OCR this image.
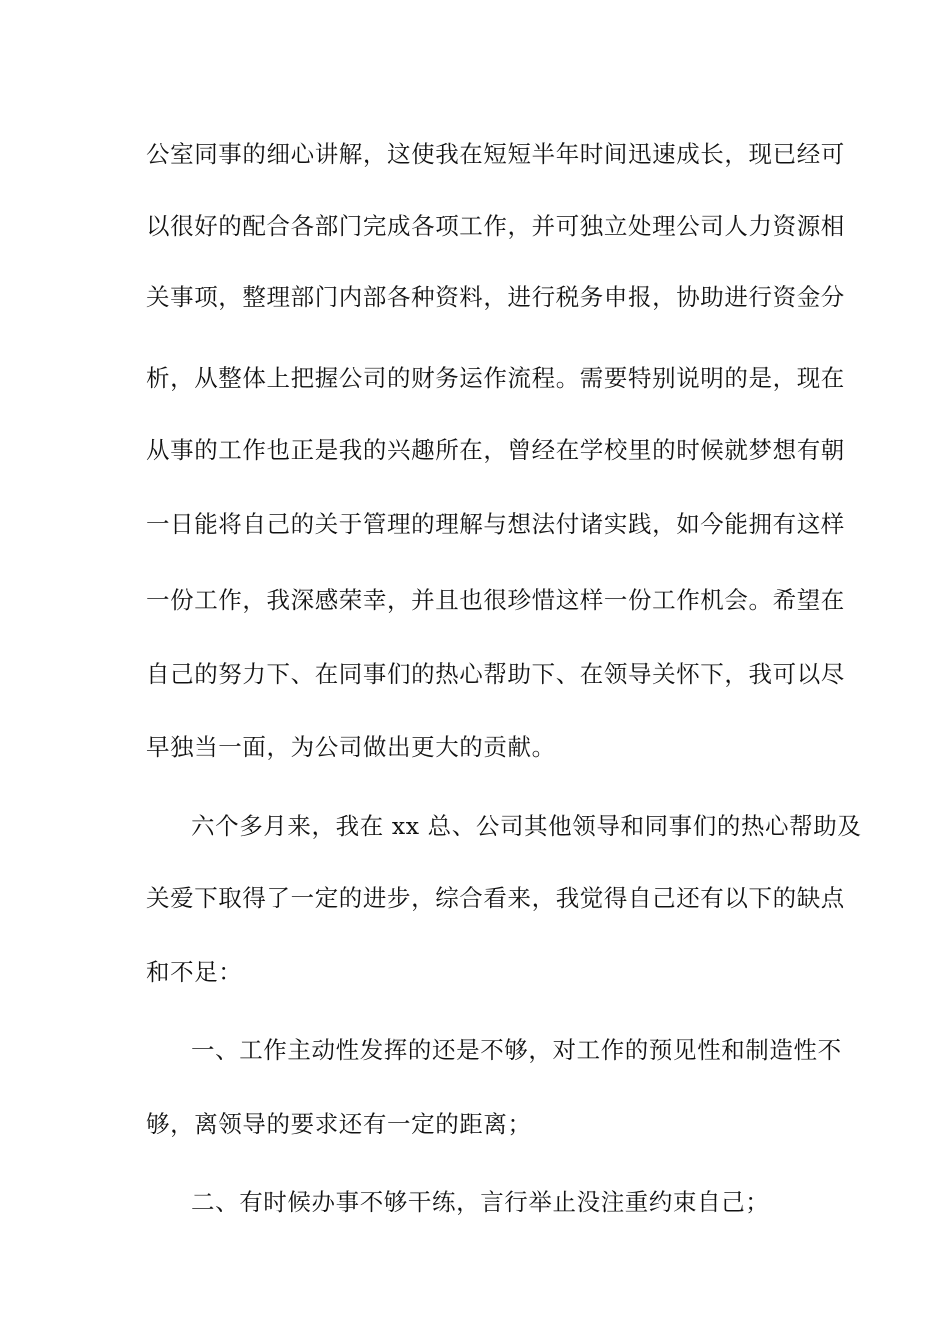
公室同事的细心讲解，这使我在短短半年时间迅速成长，现已经可
以很好的配合各部门完成各项工作，并可独立处理公司人力资源相
关事项，整理部门内部各种资料，进行税务申报，协助进行资金分
析，从整体上把握公司的财务运作流程。需要特别说明的是，现在
从事的工作也正是我的兴趣所在，曾经在学校里的时候就梦想有朝
一日能将自己的关于管理的理解与想法付诸实践，如今能拥有这样
一份工作，我深感荣幸，并且也很珍惜这样一份工作机会。希望在
自己的努力下、在同事们的热心帮助下、在领导关怀下，我可以尽
早独当一面，为公司做出更大的贡献。
六个多月来，我在 xx 总、公司其他领导和同事们的热心帮助及
关爱下取得了一定的进步，综合看来，我觉得自己还有以下的缺点
和不足：
一、工作主动性发挥的还是不够，对工作的预见性和制造性不
够，离领导的要求还有一定的距离；
二、有时候办事不够干练，言行举止没注重约束自己；
